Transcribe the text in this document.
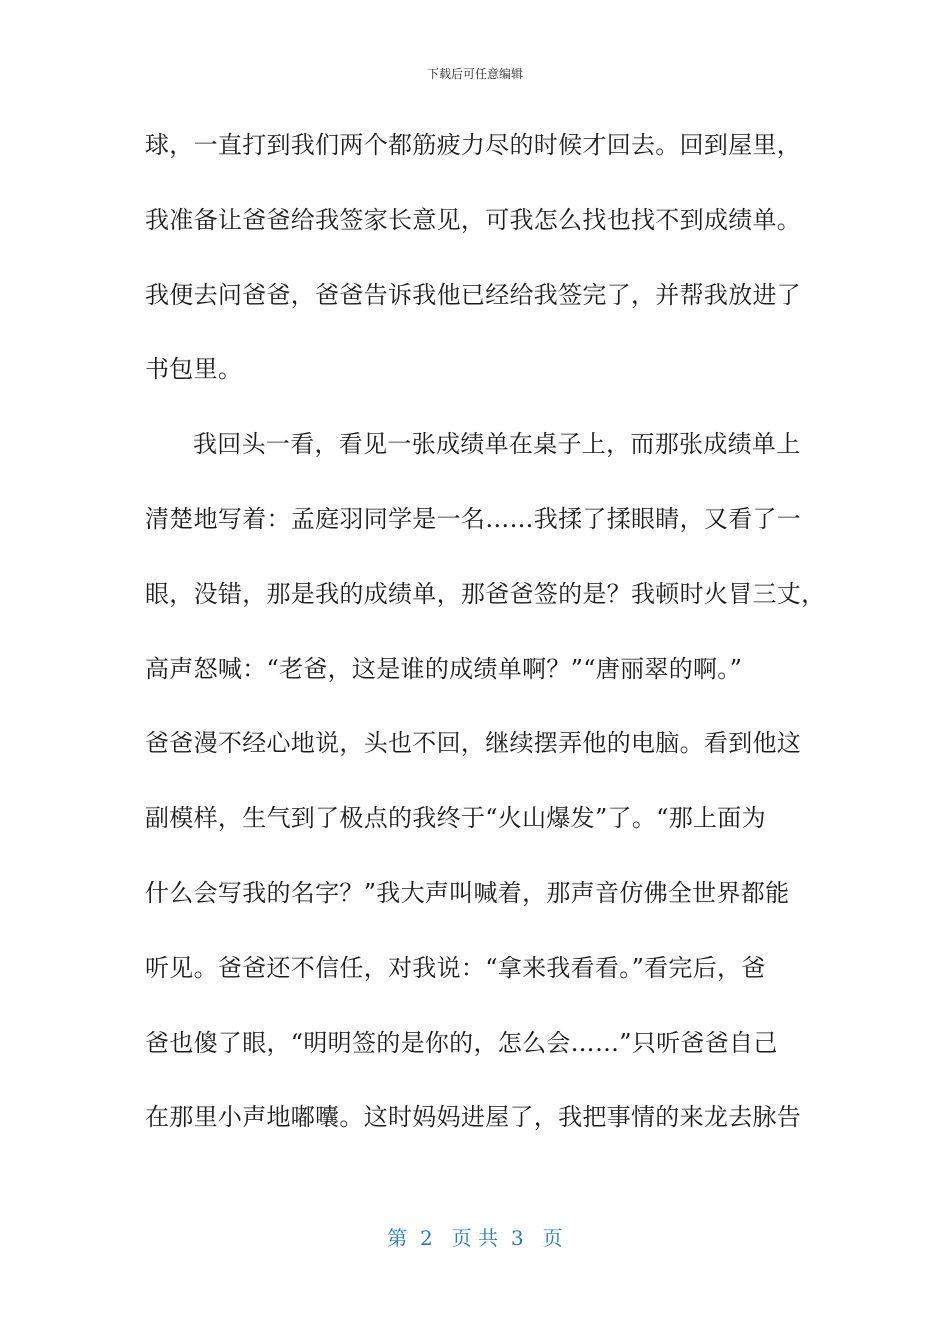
下载后可任意编辑
球，一直打到我们两个都筋疲力尽的时候才回去。回到屋里，
我准备让爸爸给我签家长意见，可我怎么找也找不到成绩单。
我便去问爸爸，爸爸告诉我他已经给我签完了，并帮我放进了
书包里。
我回头一看，看见一张成绩单在桌子上，而那张成绩单上
清楚地写着：孟庭羽同学是一名……我揉了揉眼睛，又看了一
眼，没错，那是我的成绩单，那爸爸签的是？我顿时火冒三丈，
高声怒喊：“老爸，这是谁的成绩单啊？”“唐丽翠的啊。”
爸爸漫不经心地说，头也不回，继续摆弄他的电脑。看到他这
副模样，生气到了极点的我终于“火山爆发”了。“那上面为
什么会写我的名字？”我大声叫喊着，那声音仿佛全世界都能
听见。爸爸还不信任，对我说：“拿来我看看。”看完后，爸
爸也傻了眼，“明明签的是你的，怎么会……”只听爸爸自己
在那里小声地嘟囔。这时妈妈进屋了，我把事情的来龙去脉告
第  2   页 共  3   页
